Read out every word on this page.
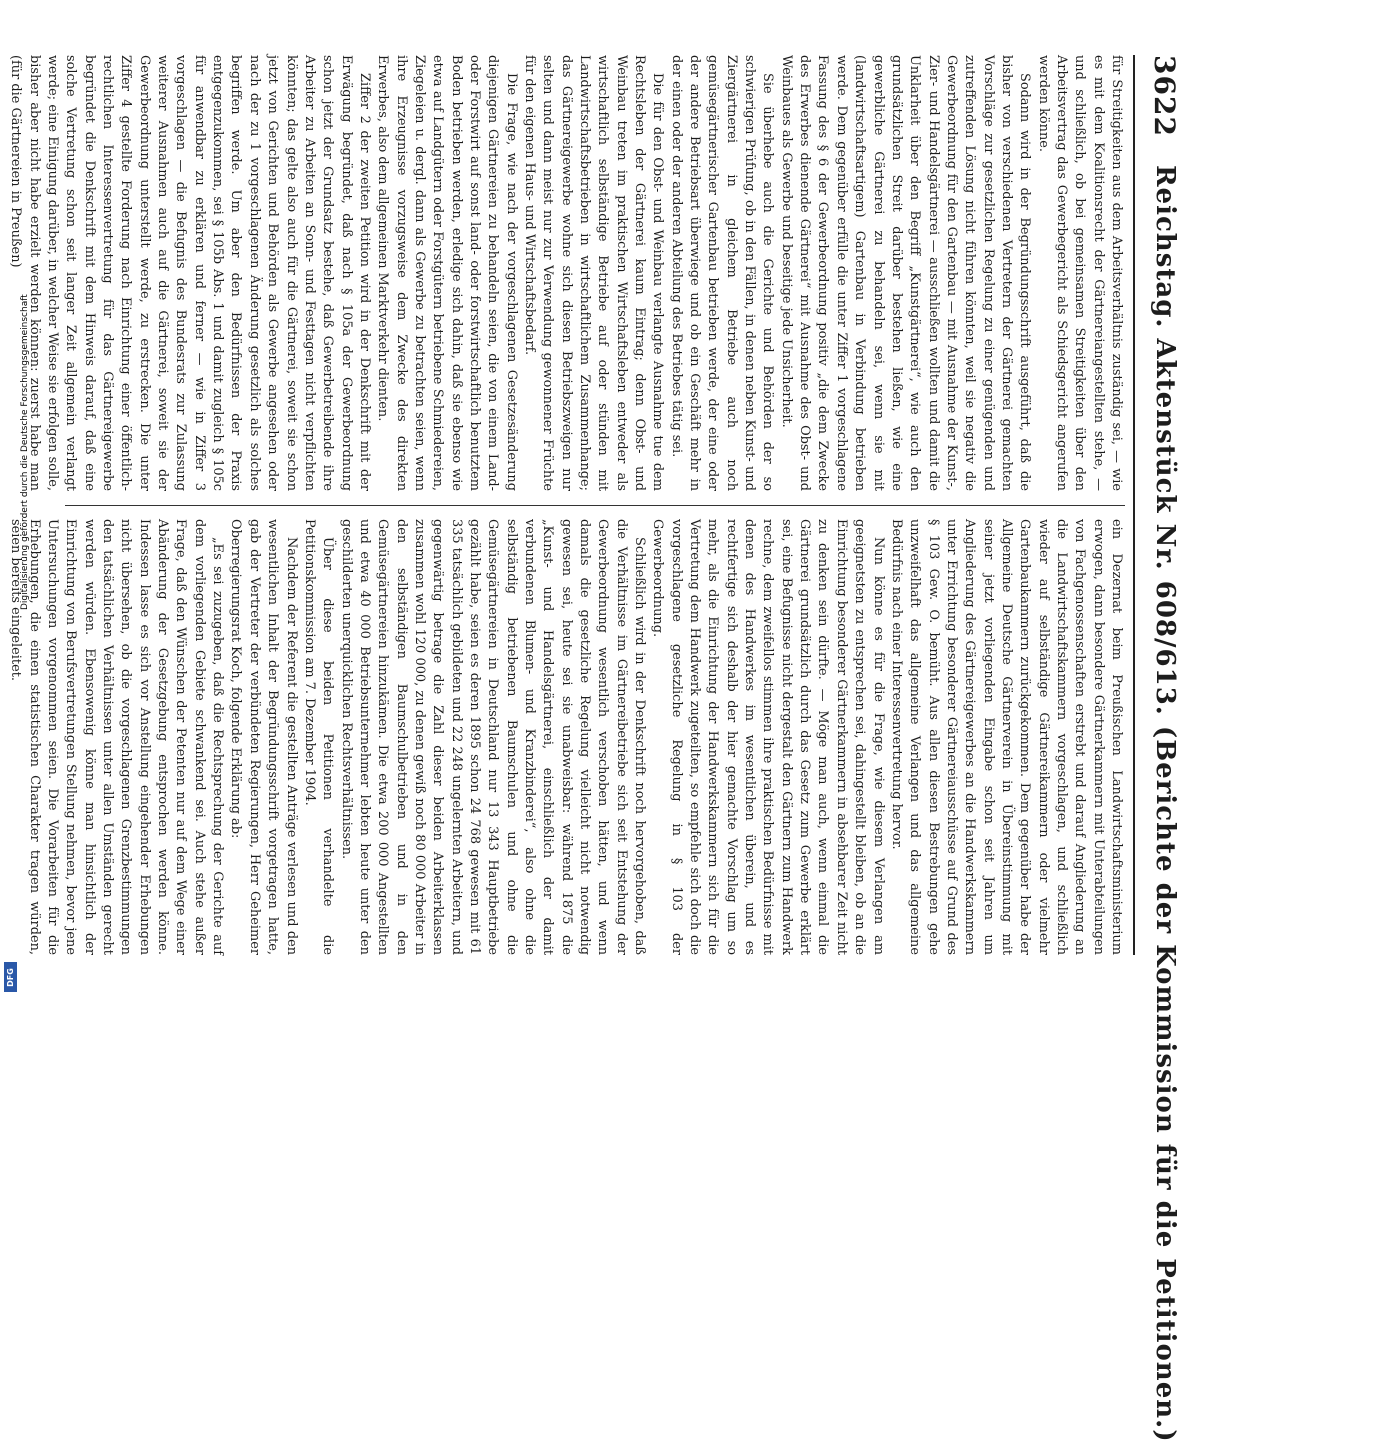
Digitalisierung gefördert durch die Deutsche Forschungsgemeinschaft
DFG
3622
Reichstag. Aktenstück Nr. 608/613. (Berichte der Kommission für die Petitionen.)

für Streitigkeiten aus dem Arbeitsverhältnis zuständig sei, — wie es mit dem Koalitionsrecht der Gärtnereiangestellten stehe, — und schließlich, ob bei gemeinsamen Streitigkeiten über den Arbeitsvertrag das Gewerbegericht als Schiedsgericht angerufen werden könne.

Sodann wird in der Begründungsschrift ausgeführt, daß die bisher von verschiedenen Vertretern der Gärtnerei gemachten Vorschläge zur gesetzlichen Regelung zu einer genügenden und zutreffenden Lösung nicht führen könnten, weil sie negativ die Gewerbeordnung für den Gartenbau — mit Ausnahme der Kunst-, Zier- und Handelsgärtnerei — ausschließen wollten und damit die Unklarheit über den Begriff „Kunstgärtnerei“, wie auch den grundsätzlichen Streit darüber bestehen ließen, wie eine gewerbliche Gärtnerei zu behandeln sei, wenn sie mit (landwirtschaftsartigem) Gartenbau in Verbindung betrieben werde. Dem gegenüber erfülle die unter Ziffer 1 vorgeschlagene Fassung des § 6 der Gewerbeordnung positiv „die dem Zwecke des Erwerbes dienende Gärtnerei“ mit Ausnahme des Obst- und Weinbaues als Gewerbe und beseitige jede Unsicherheit.

Sie überhebe auch die Gerichte und Behörden der so schwierigen Prüfung, ob in den Fällen, in denen neben Kunst- und Ziergärtnerei in gleichem Betriebe auch noch gemüsegärtnerischer Gartenbau betrieben werde, der eine oder der andere Betriebsart überwiege und ob ein Geschäft mehr in der einen oder der anderen Abteilung des Betriebes tätig sei.

Die für den Obst- und Weinbau verlangte Ausnahme tue dem Rechtsleben der Gärtnerei kaum Eintrag; denn Obst- und Weinbau treten im praktischen Wirtschaftsleben entweder als wirtschaftlich selbständige Betriebe auf oder stünden mit Landwirtschaftsbetrieben in wirtschaftlichem Zusammenhange; das Gärtnereigewerbe wohne sich diesen Betriebszweigen nur selten und dann meist nur zur Verwendung gewonnener Früchte für den eigenen Haus- und Wirtschaftsbedarf.

Die Frage, wie nach der vorgeschlagenen Gesetzesänderung diejenigen Gärtnereien zu behandeln seien, die von einem Land- oder Forstwirt auf sonst land- oder forstwirtschaftlich benutztem Boden betrieben werden, erledige sich dahin, daß sie ebenso wie etwa auf Landgütern oder Forstgütern betriebene Schmiedereien, Ziegeleien u. dergl. dann als Gewerbe zu betrachten seien, wenn ihre Erzeugnisse vorzugsweise dem Zwecke des direkten Erwerbes, also dem allgemeinen Marktverkehr dienten.

Ziffer 2 der zweiten Petition wird in der Denkschrift mit der Erwägung begründet, daß nach § 105a der Gewerbeordnung schon jetzt der Grundsatz bestehe, daß Gewerbetreibende ihre Arbeiter zu Arbeiten an Sonn- und Festtagen nicht verpflichten könnten; das gelte also auch für die Gärtnerei, soweit sie schon jetzt von Gerichten und Behörden als Gewerbe angesehen oder nach der zu 1 vorgeschlagenen Änderung gesetzlich als solches begriffen werde. Um aber den Bedürfnissen der Praxis entgegenzukommen, sei § 105b Abs. 1 und damit zugleich § 105c für anwendbar zu erklären und ferner — wie in Ziffer 3 vorgeschlagen — die Befugnis des Bundesrats zur Zulassung weiterer Ausnahmen auch auf die Gärtnerei, soweit sie der Gewerbeordnung unterstellt werde, zu erstrecken. Die unter Ziffer 4 gestellte Forderung nach Einrichtung einer öffentlich-rechtlichen Interessenvertretung für das Gärtnereigewerbe begründet die Denkschrift mit dem Hinweis darauf, daß eine solche Vertretung schon seit langer Zeit allgemein verlangt werde; eine Einigung darüber, in welcher Weise sie erfolgen solle, bisher aber nicht habe erzielt werden können: zuerst habe man (für die Gärtnereien in Preußen)

ein Dezernat beim Preußischen Landwirtschaftsministerium erwogen, dann besondere Gärtnerkammern mit Unterabteilungen von Fachgenossenschaften erstrebt und darauf Angliederung an die Landwirtschaftskammern vorgeschlagen, und schließlich wieder auf selbständige Gärtnereikammern oder vielmehr Gartenbaukammern zurückgekommen. Dem gegenüber habe der Allgemeine Deutsche Gärtnerverein in Übereinstimmung mit seiner jetzt vorliegenden Eingabe schon seit Jahren um Angliederung des Gärtnereigewerbes an die Handwerkskammern unter Errichtung besonderer Gärtnereiausschüsse auf Grund des § 103 Gew. O. bemüht. Aus allen diesen Bestrebungen gehe unzweifelhaft das allgemeine Verlangen und das allgemeine Bedürfnis nach einer Interessenvertretung hervor.

Nun könne es für die Frage, wie diesem Verlangen am geeignetsten zu entsprechen sei, dahingestellt bleiben, ob an die Einrichtung besonderer Gärtnerkammern in absehbarer Zeit nicht zu denken sein dürfte. — Möge man auch, wenn einmal die Gärtnerei grundsätzlich durch das Gesetz zum Gewerbe erklärt sei, eine Befugnisse nicht dergestalt den Gärtnern zum Handwerk rechne, dem zweifellos stimmen ihre praktischen Bedürfnisse mit denen des Handwerkes im wesentlichen überein, und es rechtfertige sich deshalb der hier gemachte Vorschlag um so mehr, als die Einrichtung der Handwerkskammern sich für die Vertretung dem Handwerk zugeteilten, so empfehle sich doch die vorgeschlagene gesetzliche Regelung in § 103 der Gewerbeordnung.

Schließlich wird in der Denkschrift noch hervorgehoben, daß die Verhältnisse im Gärtnereibetriebe sich seit Entstehung der Gewerbeordnung wesentlich verschoben hätten, und wenn damals die gesetzliche Regelung vielleicht nicht notwendig gewesen sei, heute sei sie unabweisbar: während 1875 die „Kunst- und Handelsgärtnerei, einschließlich der damit verbundenen Blumen- und Kranzbinderei“, also ohne die selbständig betriebenen Baumschulen und ohne die Gemüsegärtnereien in Deutschland nur 13 343 Hauptbetriebe gezählt habe, seien es deren 1895 schon 24 768 gewesen mit 61 335 tatsächlich gebildeten und 22 248 ungelernten Arbeitern, und gegenwärtig betrage die Zahl dieser beiden Arbeiterklassen zusammen wohl 120 000, zu denen gewiß noch 80 000 Arbeiter in den selbständigen Baumschulbetrieben und in den Gemüsegärtnereien hinzukämen. Die etwa 200 000 Angestellten und etwa 40 000 Betriebsunternehmer lebten heute unter den geschilderten unerquicklichen Rechtsverhältnissen.

Über diese beiden Petitionen verhandelte die Petitionskommission am 7. Dezember 1904.

Nachdem der Referent die gestellten Anträge verlesen und den wesentlichen Inhalt der Begründungsschrift vorgetragen hatte, gab der Vertreter der verbündeten Regierungen, Herr Geheimer Oberregierungsrat Koch, folgende Erklärung ab:

„Es sei zuzugeben, daß die Rechtsprechung der Gerichte auf dem vorliegenden Gebiete schwankend sei. Auch stehe außer Frage, daß den Wünschen der Petenten nur auf dem Wege einer Abänderung der Gesetzgebung entsprochen werden könne. Indessen lasse es sich vor Anstellung eingehender Erhebungen nicht übersehen, ob die vorgeschlagenen Grenzbestimmungen den tatsächlichen Verhältnissen unter allen Umständen gerecht werden würden. Ebensowenig könne man hinsichtlich der Einrichtung von Berufsvertretungen Stellung nehmen, bevor jene Untersuchungen vorgenommen seien. Die Vorarbeiten für die Erhebungen, die einen statistischen Charakter tragen würden, seien bereits eingeleitet.
